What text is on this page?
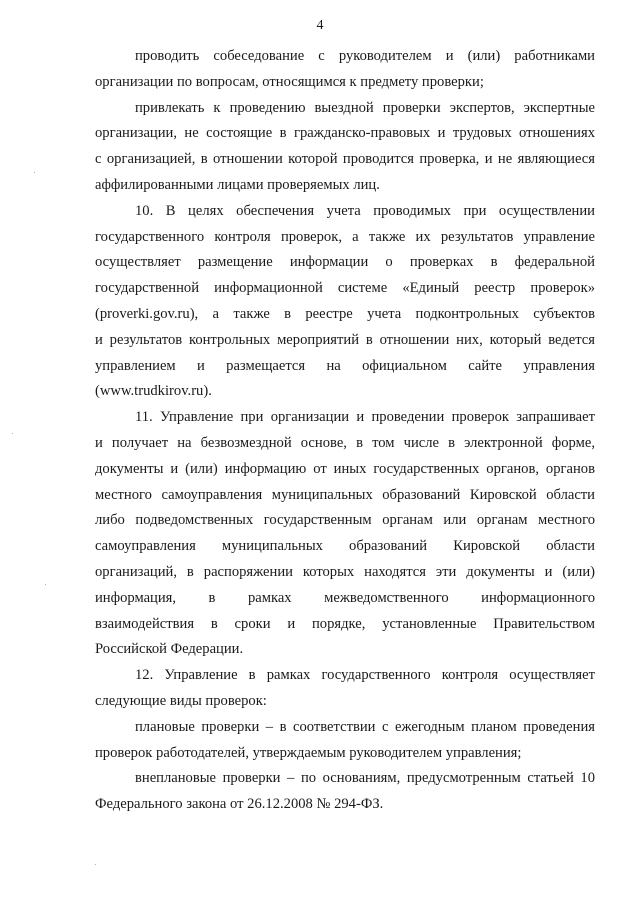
4
проводить собеседование с руководителем и (или) работниками
организации по вопросам, относящимся к предмету проверки;
привлекать к проведению выездной проверки экспертов, экспертные
организации, не состоящие в гражданско-правовых и трудовых отношениях
с организацией, в отношении которой проводится проверка, и не являющиеся
аффилированными лицами проверяемых лиц.
10. В целях обеспечения учета проводимых при осуществлении
государственного контроля проверок, а также их результатов управление
осуществляет размещение информации о проверках в федеральной
государственной информационной системе «Единый реестр проверок»
(proverki.gov.ru), а также в реестре учета подконтрольных субъектов
и результатов контрольных мероприятий в отношении них, который ведется
управлением и размещается на официальном сайте управления
(www.trudkirov.ru).
11. Управление при организации и проведении проверок запрашивает
и получает на безвозмездной основе, в том числе в электронной форме,
документы и (или) информацию от иных государственных органов, органов
местного самоуправления муниципальных образований Кировской области
либо подведомственных государственным органам или органам местного
самоуправления муниципальных образований Кировской области
организаций, в распоряжении которых находятся эти документы и (или)
информация, в рамках межведомственного информационного
взаимодействия в сроки и порядке, установленные Правительством
Российской Федерации.
12. Управление в рамках государственного контроля осуществляет
следующие виды проверок:
плановые проверки – в соответствии с ежегодным планом проведения
проверок работодателей, утверждаемым руководителем управления;
внеплановые проверки – по основаниям, предусмотренным статьей 10
Федерального закона от 26.12.2008 № 294-ФЗ.
